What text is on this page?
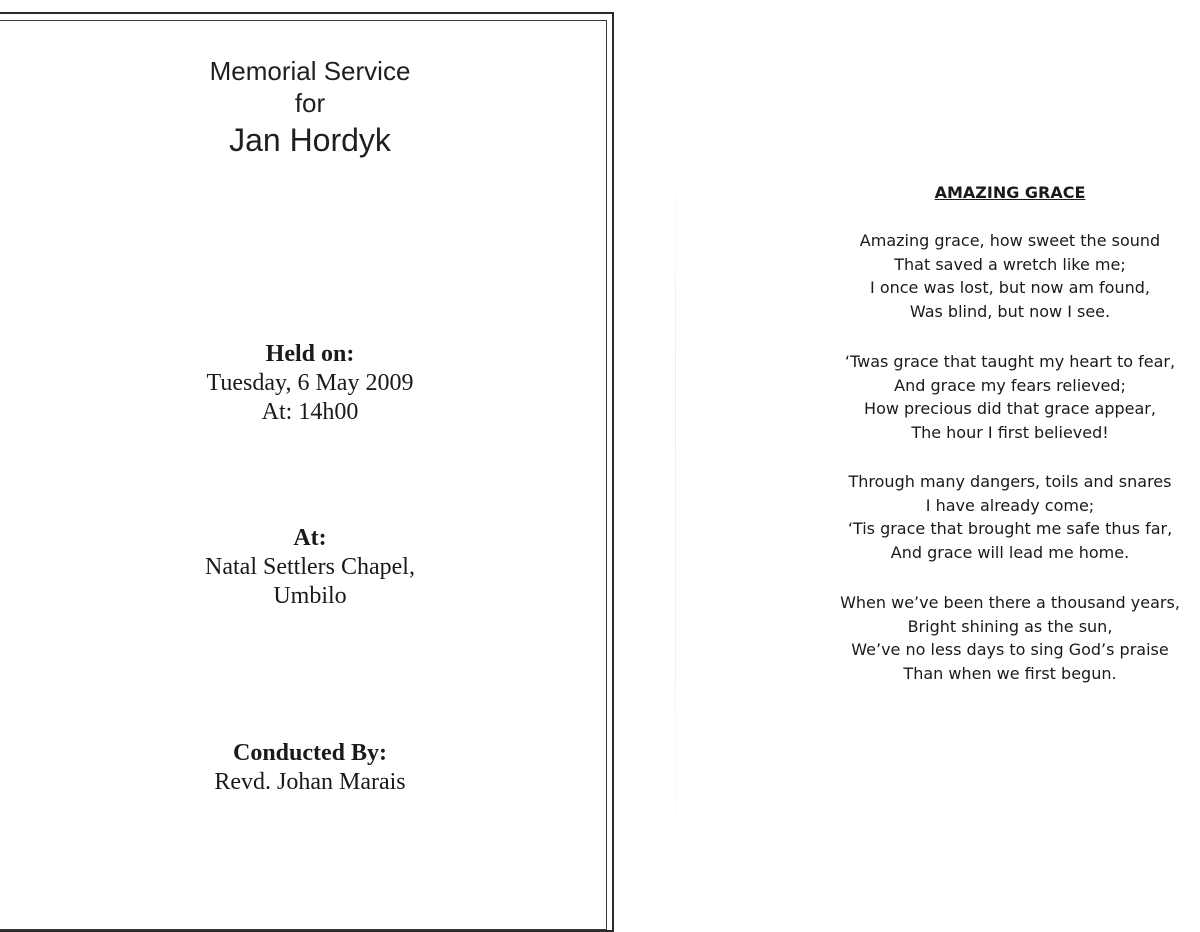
Memorial Service
for
Jan Hordyk
Held on:
Tuesday, 6 May 2009
At: 14h00
At:
Natal Settlers Chapel,
Umbilo
Conducted By:
Revd. Johan Marais
AMAZING GRACE
Amazing grace, how sweet the sound
That saved a wretch like me;
I once was lost, but now am found,
Was blind, but now I see.
‘Twas grace that taught my heart to fear,
And grace my fears relieved;
How precious did that grace appear,
The hour I first believed!
Through many dangers, toils and snares
I have already come;
‘Tis grace that brought me safe thus far,
And grace will lead me home.
When we’ve been there a thousand years,
Bright shining as the sun,
We’ve no less days to sing God’s praise
Than when we first begun.
